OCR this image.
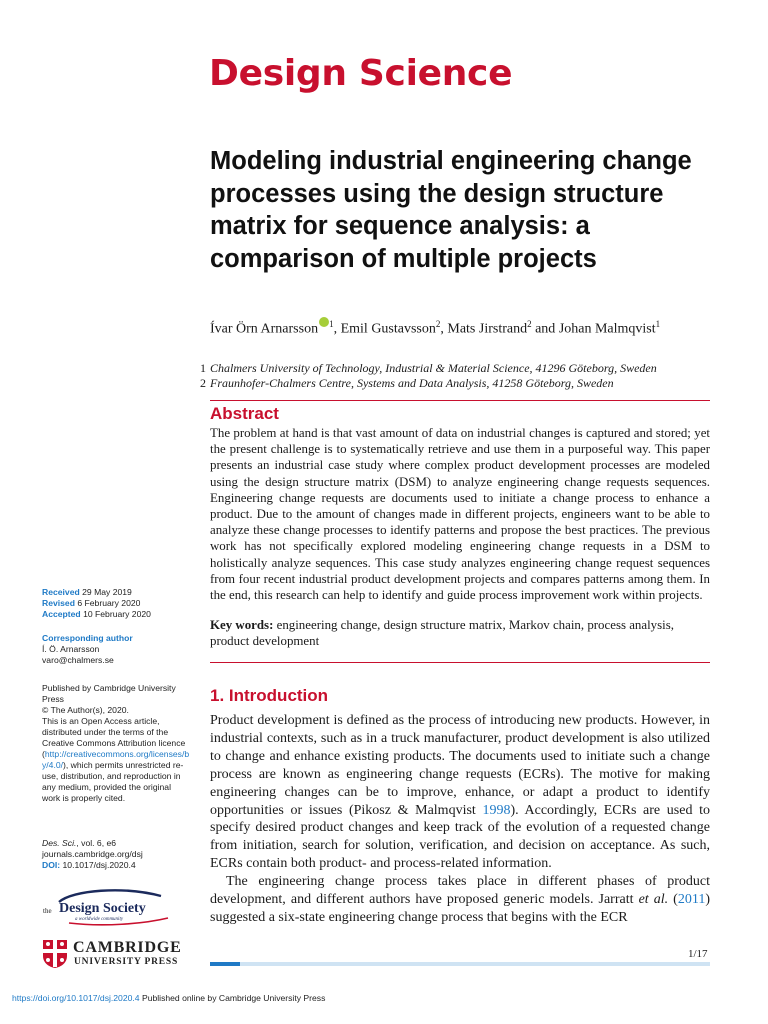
Design Science
Modeling industrial engineering change processes using the design structure matrix for sequence analysis: a comparison of multiple projects
Ívar Örn Arnarsson $^1$, Emil Gustavsson$^2$, Mats Jirstrand$^2$ and Johan Malmqvist$^1$
1 Chalmers University of Technology, Industrial & Material Science, 41296 Göteborg, Sweden
2 Fraunhofer-Chalmers Centre, Systems and Data Analysis, 41258 Göteborg, Sweden
Abstract
The problem at hand is that vast amount of data on industrial changes is captured and stored; yet the present challenge is to systematically retrieve and use them in a purposeful way. This paper presents an industrial case study where complex product development processes are modeled using the design structure matrix (DSM) to analyze engineering change requests sequences. Engineering change requests are documents used to initiate a change process to enhance a product. Due to the amount of changes made in different projects, engineers want to be able to analyze these change processes to identify patterns and propose the best practices. The previous work has not specifically explored modeling engineering change requests in a DSM to holistically analyze sequences. This case study analyzes engineering change request sequences from four recent industrial product development projects and compares patterns among them. In the end, this research can help to identify and guide process improvement work within projects.
Key words: engineering change, design structure matrix, Markov chain, process analysis, product development
1. Introduction

Product development is defined as the process of introducing new products. However, in industrial contexts, such as in a truck manufacturer, product development is also utilized to change and enhance existing products. The documents used to initiate such a change process are known as engineering change requests (ECRs). The motive for making engineering changes can be to improve, enhance, or adapt a product to identify opportunities or issues (Pikosz & Malmqvist 1998). Accordingly, ECRs are used to specify desired product changes and keep track of the evolution of a requested change from initiation, search for solution, verification, and decision on acceptance. As such, ECRs contain both product- and process-related information.

The engineering change process takes place in different phases of product development, and different authors have proposed generic models. Jarratt et al. (2011) suggested a six-state engineering change process that begins with the ECR

Received 29 May 2019
Revised 6 February 2020
Accepted 10 February 2020
Corresponding author
Í. Ö. Arnarsson
varo@chalmers.se
Published by Cambridge University Press
© The Author(s), 2020.
This is an Open Access article, distributed under the terms of the Creative Commons Attribution licence (http://creativecommons.org/licenses/by/4.0/), which permits unrestricted re-use, distribution, and reproduction in any medium, provided the original work is properly cited.
Des. Sci., vol. 6, e6
journals.cambridge.org/dsj
DOI: 10.1017/dsj.2020.4
the Design Society
a worldwide community
CAMBRIDGE
UNIVERSITY PRESS
1/17
https://doi.org/10.1017/dsj.2020.4 Published online by Cambridge University Press
